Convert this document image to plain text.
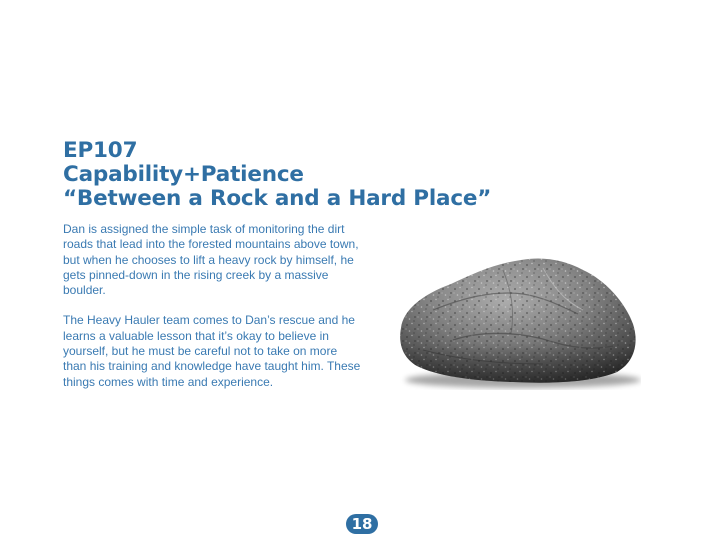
EP107
Capability+Patience
“Between a Rock and a Hard Place”

Dan is assigned the simple task of monitoring the dirt roads that lead into the forested mountains above town, but when he chooses to lift a heavy rock by himself, he gets pinned-down in the rising creek by a massive boulder.

The Heavy Hauler team comes to Dan’s rescue and he learns a valuable lesson that it’s okay to believe in yourself, but he must be careful not to take on more than his training and knowledge have taught him. These things comes with time and experience.

18
